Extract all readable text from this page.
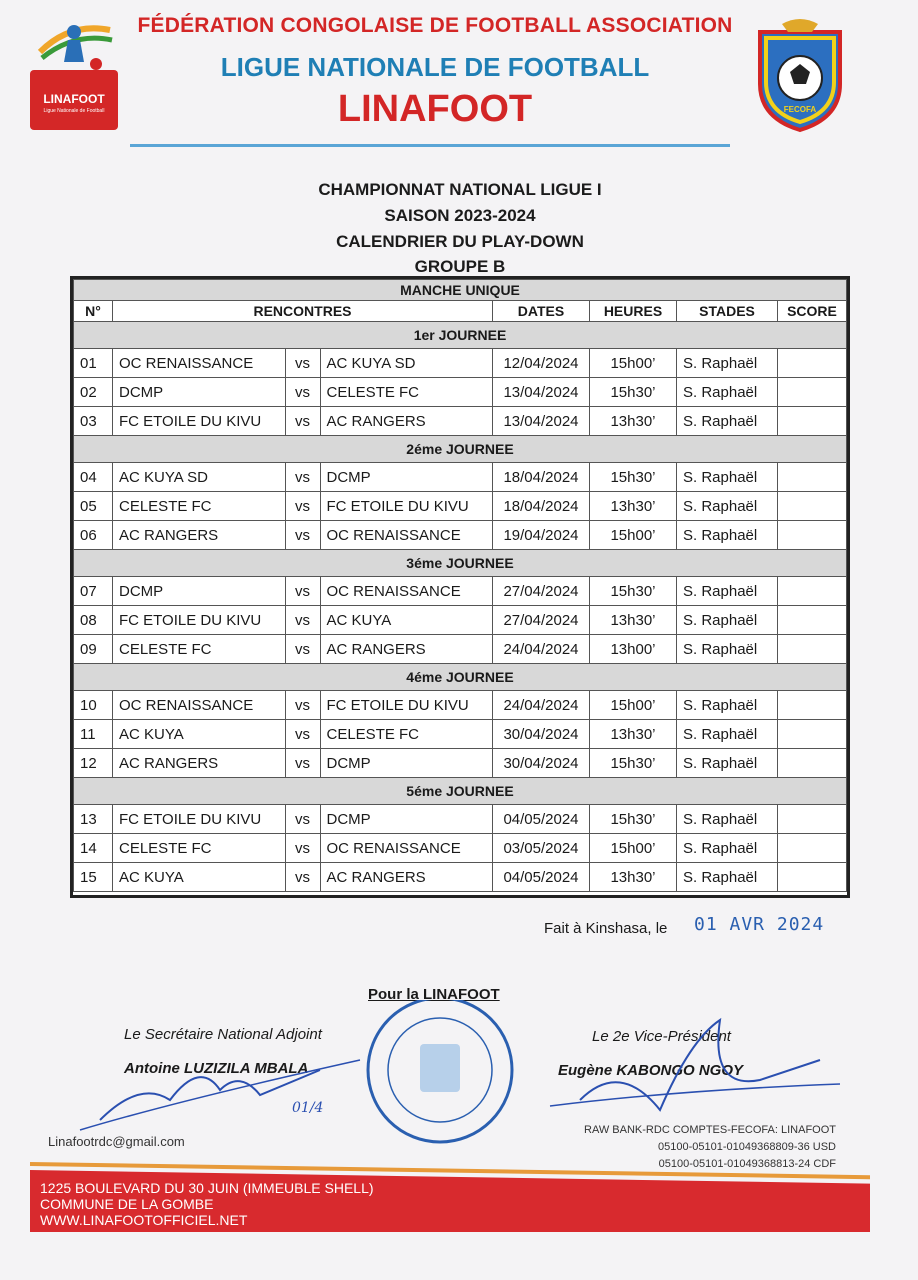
LINAFOOT
Ligue Nationale de Football
FÉDÉRATION CONGOLAISE DE FOOTBALL ASSOCIATION
LIGUE NATIONALE DE FOOTBALL
LINAFOOT	FECOFA
CHAMPIONNAT NATIONAL LIGUE I
SAISON 2023-2024
CALENDRIER DU PLAY-DOWN
GROUPE B
MANCHE UNIQUE							
N°	RENCONTRES			DATES	HEURES	STADES	SCORE
1er JOURNEE							
01	OC RENAISSANCE	vs	AC KUYA SD	12/04/2024	15h00’	S. Raphaël	
02	DCMP	vs	CELESTE FC	13/04/2024	15h30’	S. Raphaël	
03	FC ETOILE DU KIVU	vs	AC RANGERS	13/04/2024	13h30’	S. Raphaël	
2éme JOURNEE							
04	AC KUYA SD	vs	DCMP	18/04/2024	15h30’	S. Raphaël	
05	CELESTE FC	vs	FC ETOILE DU KIVU	18/04/2024	13h30’	S. Raphaël	
06	AC RANGERS	vs	OC RENAISSANCE	19/04/2024	15h00’	S. Raphaël	
3éme JOURNEE							
07	DCMP	vs	OC RENAISSANCE	27/04/2024	15h30’	S. Raphaël	
08	FC ETOILE DU KIVU	vs	AC KUYA	27/04/2024	13h30’	S. Raphaël	
09	CELESTE FC	vs	AC RANGERS	24/04/2024	13h00’	S. Raphaël	
4éme JOURNEE							
10	OC RENAISSANCE	vs	FC ETOILE DU KIVU	24/04/2024	15h00’	S. Raphaël	
11	AC KUYA	vs	CELESTE FC	30/04/2024	13h30’	S. Raphaël	
12	AC RANGERS	vs	DCMP	30/04/2024	15h30’	S. Raphaël	
5éme JOURNEE							
13	FC ETOILE DU KIVU	vs	DCMP	04/05/2024	15h30’	S. Raphaël	
14	CELESTE FC	vs	OC RENAISSANCE	03/05/2024	15h00’	S. Raphaël	
15	AC KUYA	vs	AC RANGERS	04/05/2024	13h30’	S. Raphaël	
Fait à Kinshasa, le 01 AVR 2024
Pour la LINAFOOT
Le Secrétaire National Adjoint
Antoine LUZIZILA MBALA
Le 2e Vice-Président
Eugène KABONGO NGOY
01/4
Linafootrdc@gmail.com
RAW BANK-RDC COMPTES-FECOFA: LINAFOOT
05100-05101-01049368809-36 USD
05100-05101-01049368813-24 CDF
1225 BOULEVARD DU 30 JUIN (IMMEUBLE SHELL)
COMMUNE DE LA GOMBE
WWW.LINAFOOTOFFICIEL.NET
